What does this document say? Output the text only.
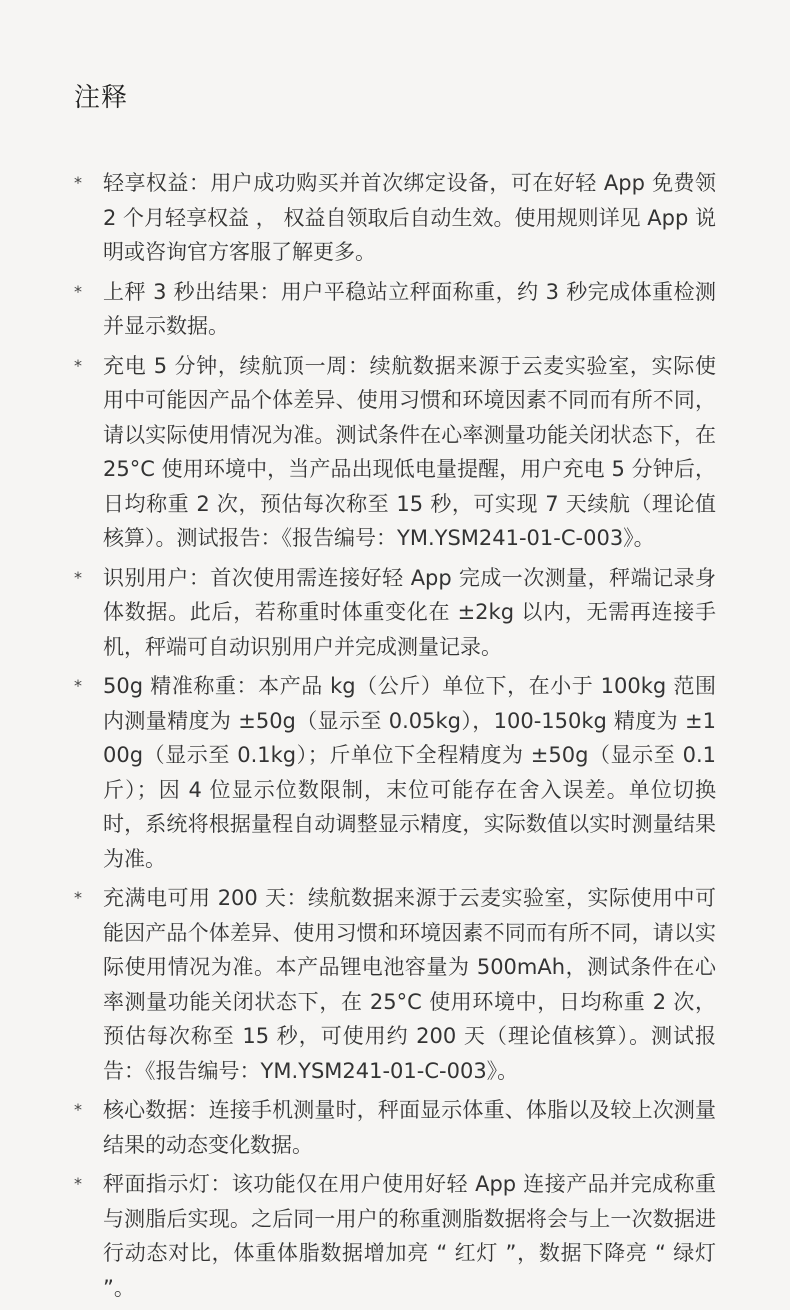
注释
* 轻享权益：用户成功购买并首次绑定设备，可在好轻 App 免费领 2 个月轻享权益 ， 权益自领取后自动生效。使用规则详见 App 说明或咨询官方客服了解更多。
* 上秤 3 秒出结果：用户平稳站立秤面称重，约 3 秒完成体重检测并显示数据。
* 充电 5 分钟，续航顶一周：续航数据来源于云麦实验室，实际使用中可能因产品个体差异、使用习惯和环境因素不同而有所不同，请以实际使用情况为准。测试条件在心率测量功能关闭状态下，在 25°C 使用环境中，当产品出现低电量提醒，用户充电 5 分钟后，日均称重 2 次，预估每次称至 15 秒，可实现 7 天续航（理论值核算）。测试报告：《报告编号：YM.YSM241-01-C-003》。
* 识别用户：首次使用需连接好轻 App 完成一次测量，秤端记录身体数据。此后，若称重时体重变化在 ±2kg 以内，无需再连接手机，秤端可自动识别用户并完成测量记录。
* 50g 精准称重：本产品 kg（公斤）单位下，在小于 100kg 范围内测量精度为 ±50g（显示至 0.05kg），100-150kg 精度为 ±100g（显示至 0.1kg）；斤单位下全程精度为 ±50g（显示至 0.1 斤）；因 4 位显示位数限制，末位可能存在舍入误差。单位切换时，系统将根据量程自动调整显示精度，实际数值以实时测量结果为准。
* 充满电可用 200 天：续航数据来源于云麦实验室，实际使用中可能因产品个体差异、使用习惯和环境因素不同而有所不同，请以实际使用情况为准。本产品锂电池容量为 500mAh，测试条件在心率测量功能关闭状态下，在 25°C 使用环境中，日均称重 2 次，预估每次称至 15 秒，可使用约 200 天（理论值核算）。测试报告：《报告编号：YM.YSM241-01-C-003》。
* 核心数据：连接手机测量时，秤面显示体重、体脂以及较上次测量结果的动态变化数据。
* 秤面指示灯：该功能仅在用户使用好轻 App 连接产品并完成称重与测脂后实现。之后同一用户的称重测脂数据将会与上一次数据进行动态对比，体重体脂数据增加亮 “ 红灯 ”，数据下降亮 “ 绿灯 ”。
